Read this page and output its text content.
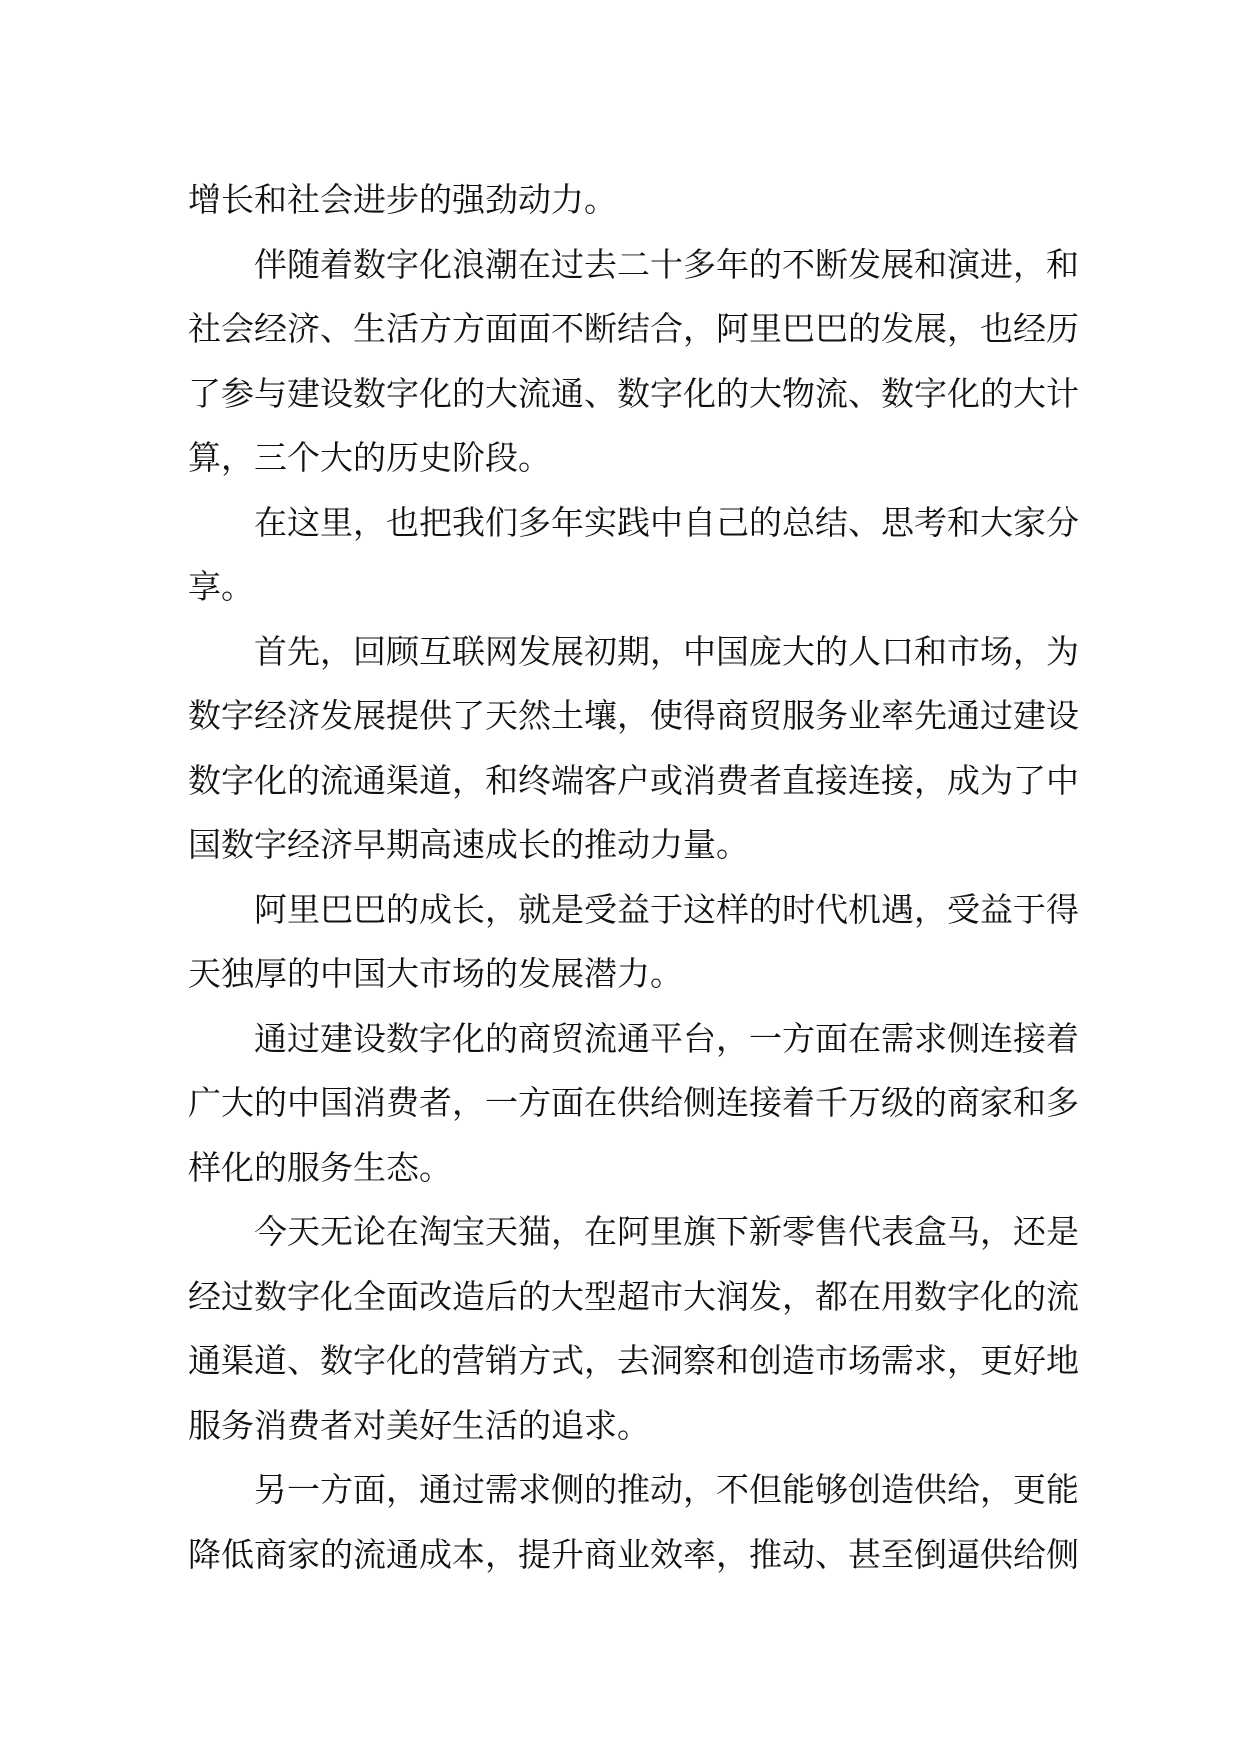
增长和社会进步的强劲动力。
伴随着数字化浪潮在过去二十多年的不断发展和演进，和
社会经济、生活方方面面不断结合，阿里巴巴的发展，也经历
了参与建设数字化的大流通、数字化的大物流、数字化的大计
算，三个大的历史阶段。
在这里，也把我们多年实践中自己的总结、思考和大家分
享。
首先，回顾互联网发展初期，中国庞大的人口和市场，为
数字经济发展提供了天然土壤，使得商贸服务业率先通过建设
数字化的流通渠道，和终端客户或消费者直接连接，成为了中
国数字经济早期高速成长的推动力量。
阿里巴巴的成长，就是受益于这样的时代机遇，受益于得
天独厚的中国大市场的发展潜力。
通过建设数字化的商贸流通平台，一方面在需求侧连接着
广大的中国消费者，一方面在供给侧连接着千万级的商家和多
样化的服务生态。
今天无论在淘宝天猫，在阿里旗下新零售代表盒马，还是
经过数字化全面改造后的大型超市大润发，都在用数字化的流
通渠道、数字化的营销方式，去洞察和创造市场需求，更好地
服务消费者对美好生活的追求。
另一方面，通过需求侧的推动，不但能够创造供给，更能
降低商家的流通成本，提升商业效率，推动、甚至倒逼供给侧
